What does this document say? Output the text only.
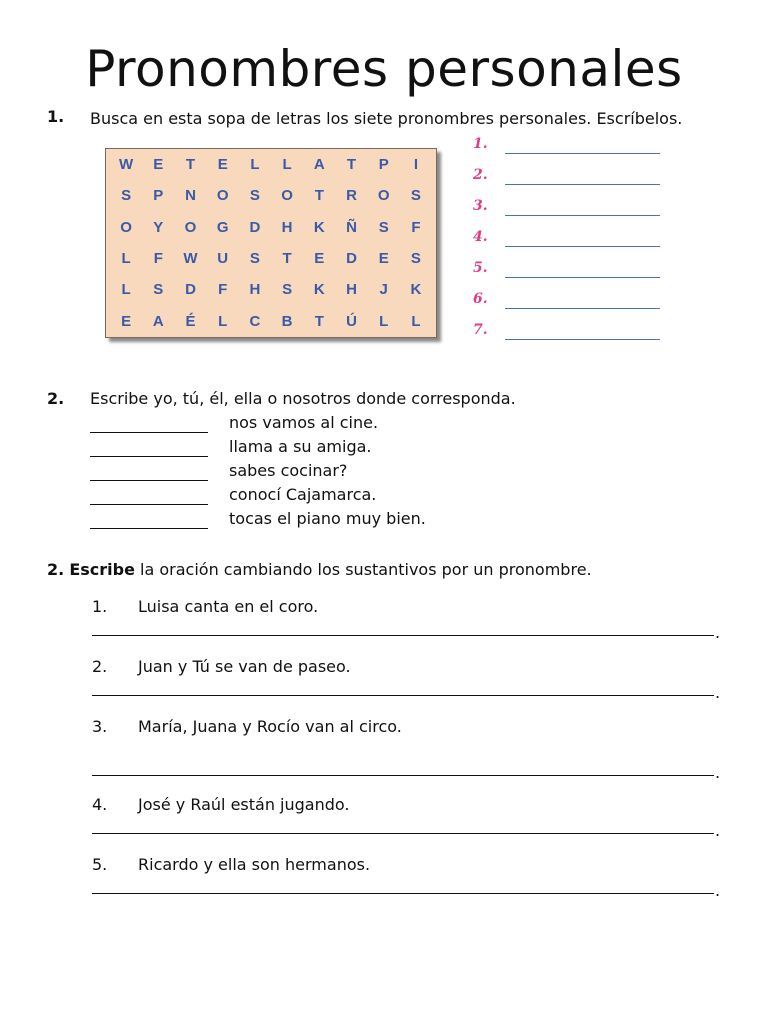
Pronombres personales
1. Busca en esta sopa de letras los siete pronombres personales. Escríbelos.
W	E	T	E	L	L	A	T	P	I
S	P	N	O	S	O	T	R	O	S
O	Y	O	G	D	H	K	Ñ	S	F
L	F	W	U	S	T	E	D	E	S
L	S	D	F	H	S	K	H	J	K
E	A	É	L	C	B	T	Ú	L	L
1.
2.
3.
4.
5.
6.
7.
2. Escribe yo, tú, él, ella o nosotros donde corresponda.
nos vamos al cine.
llama a su amiga.
sabes cocinar?
conocí Cajamarca.
tocas el piano muy bien.
2. Escribe la oración cambiando los sustantivos por un pronombre.
1. Luisa canta en el coro.
.
2. Juan y Tú se van de paseo.
.
3. María, Juana y Rocío van al circo.
.
4. José y Raúl están jugando.
.
5. Ricardo y ella son hermanos.
.
